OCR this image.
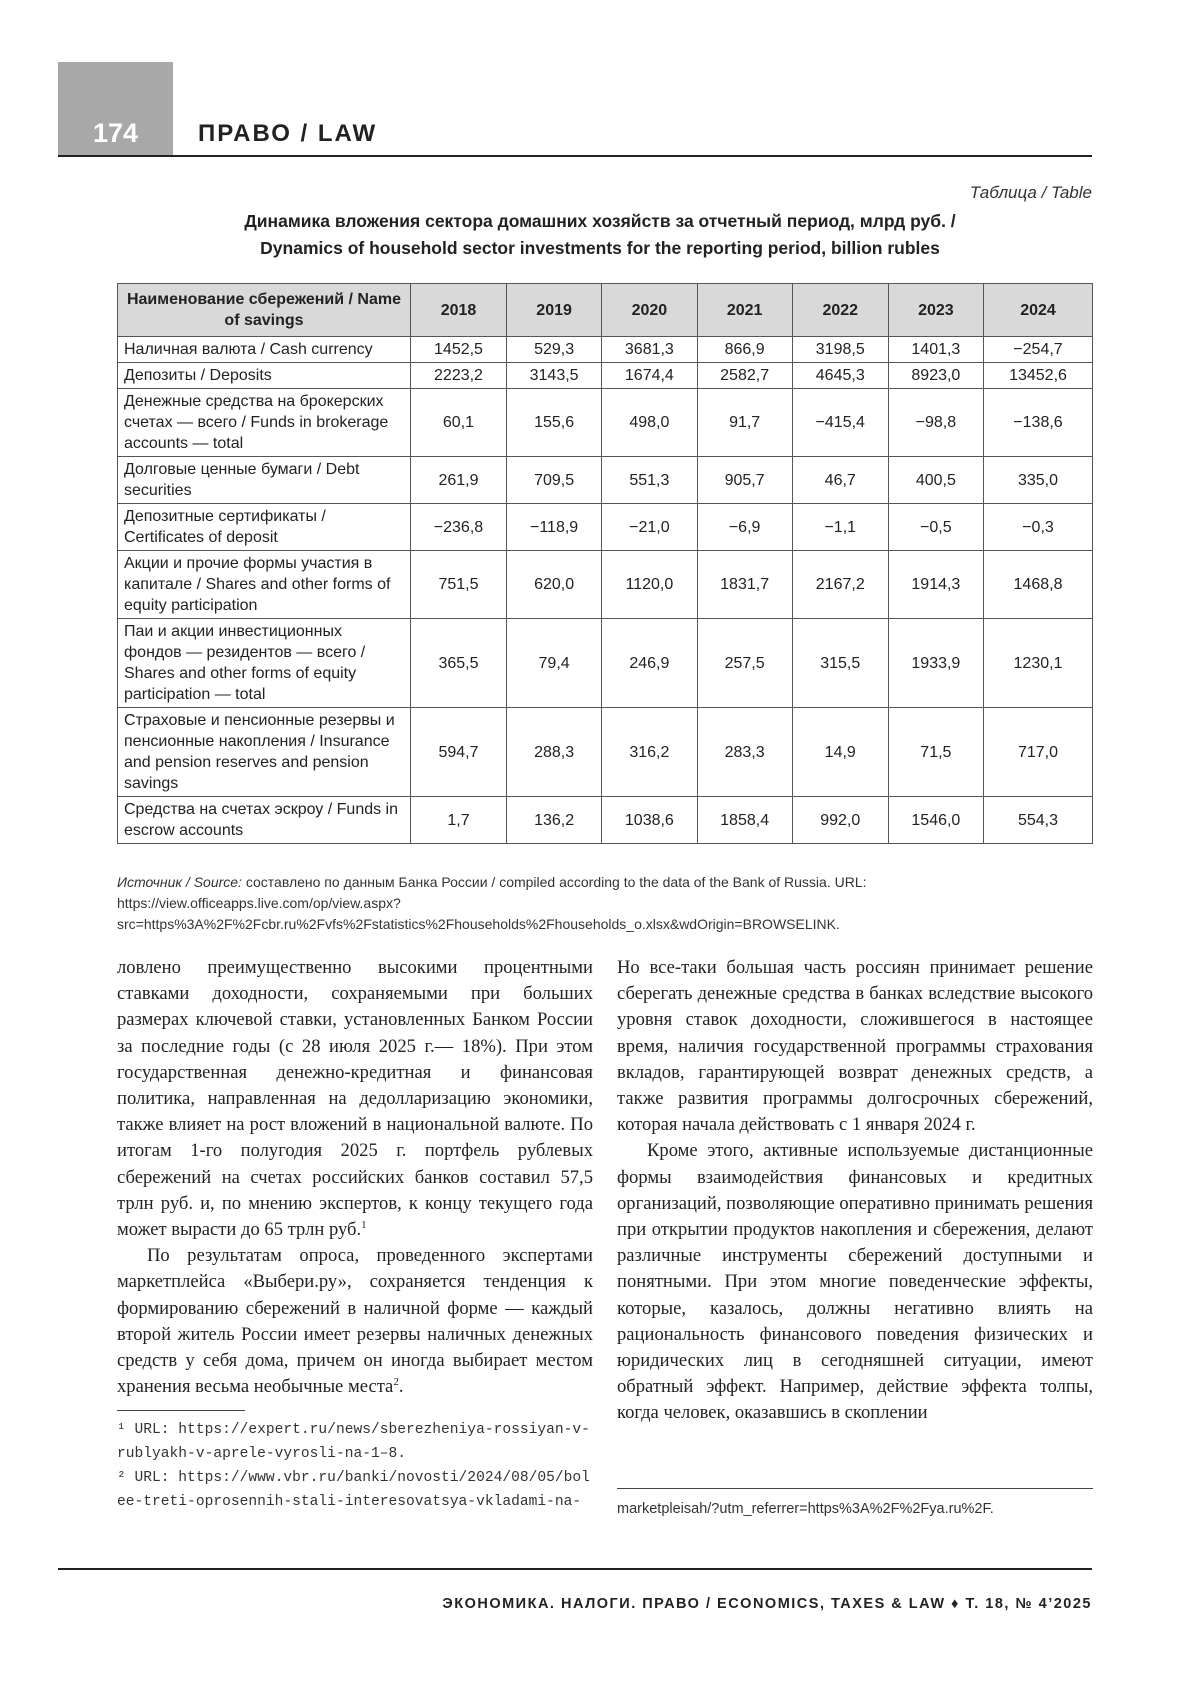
174	ПРАВО / LAW
Таблица / Table
Динамика вложения сектора домашних хозяйств за отчетный период, млрд руб. /
Dynamics of household sector investments for the reporting period, billion rubles
Наименование сбережений / Name of savings	2018	2019	2020	2021	2022	2023	2024
Наличная валюта / Cash currency	1452,5	529,3	3681,3	866,9	3198,5	1401,3	−254,7
Депозиты / Deposits	2223,2	3143,5	1674,4	2582,7	4645,3	8923,0	13452,6
Денежные средства на брокерских счетах — всего / Funds in brokerage accounts — total	60,1	155,6	498,0	91,7	−415,4	−98,8	−138,6
Долговые ценные бумаги / Debt securities	261,9	709,5	551,3	905,7	46,7	400,5	335,0
Депозитные сертификаты / Certificates of deposit	−236,8	−118,9	−21,0	−6,9	−1,1	−0,5	−0,3
Акции и прочие формы участия в капитале / Shares and other forms of equity participation	751,5	620,0	1120,0	1831,7	2167,2	1914,3	1468,8
Паи и акции инвестиционных фондов — резидентов — всего / Shares and other forms of equity participation — total	365,5	79,4	246,9	257,5	315,5	1933,9	1230,1
Страховые и пенсионные резервы и пенсионные накопления / Insurance and pension reserves and pension savings	594,7	288,3	316,2	283,3	14,9	71,5	717,0
Средства на счетах эскроу / Funds in escrow accounts	1,7	136,2	1038,6	1858,4	992,0	1546,0	554,3
Источник / Source: составлено по данным Банка России / compiled according to the data of the Bank of Russia. URL: https://view.officeapps.live.com/op/view.aspx?src=https%3A%2F%2Fcbr.ru%2Fvfs%2Fstatistics%2Fhouseholds%2Fhouseholds_o.xlsx&wdOrigin=BROWSELINK.

ловлено преимущественно высокими процентными ставками доходности, сохраняемыми при больших размерах ключевой ставки, установленных Банком России за последние годы (с 28 июля 2025 г.— 18%). При этом государственная денежно-кредитная и финансовая политика, направленная на дедолларизацию экономики, также влияет на рост вложений в национальной валюте. По итогам 1-го полугодия 2025 г. портфель рублевых сбережений на счетах российских банков составил 57,5 трлн руб. и, по мнению экспертов, к концу текущего года может вырасти до 65 трлн руб.$^1$

По результатам опроса, проведенного экспертами маркетплейса «Выбери.ру», сохраняется тенденция к формированию сбережений в наличной форме — каждый второй житель России имеет резервы наличных денежных средств у себя дома, причем он иногда выбирает местом хранения весьма необычные места$^2$.

Но все-таки большая часть россиян принимает решение сберегать денежные средства в банках вследствие высокого уровня ставок доходности, сложившегося в настоящее время, наличия государственной программы страхования вкладов, гарантирующей возврат денежных средств, а также развития программы долгосрочных сбережений, которая начала действовать с 1 января 2024 г.

Кроме этого, активные используемые дистанционные формы взаимодействия финансовых и кредитных организаций, позволяющие оперативно принимать решения при открытии продуктов накопления и сбережения, делают различные инструменты сбережений доступными и понятными. При этом многие поведенческие эффекты, которые, казалось, должны негативно влиять на рациональность финансового поведения физических и юридических лиц в сегодняшней ситуации, имеют обратный эффект. Например, действие эффекта толпы, когда человек, оказавшись в скоплении

¹ URL: https://expert.ru/news/sberezheniya-rossiyan-v-rublyakh-v-aprele-vyrosli-na-1–8.

² URL: https://www.vbr.ru/banki/novosti/2024/08/05/bolee-treti-oprosennih-stali-interesovatsya-vkladami-na-	marketpleisah/?utm_referrer=https%3A%2F%2Fya.ru%2F.
ЭКОНОМИКА. НАЛОГИ. ПРАВО / ECONOMICS, TAXES & LAW ♦ Т. 18, № 4’2025
